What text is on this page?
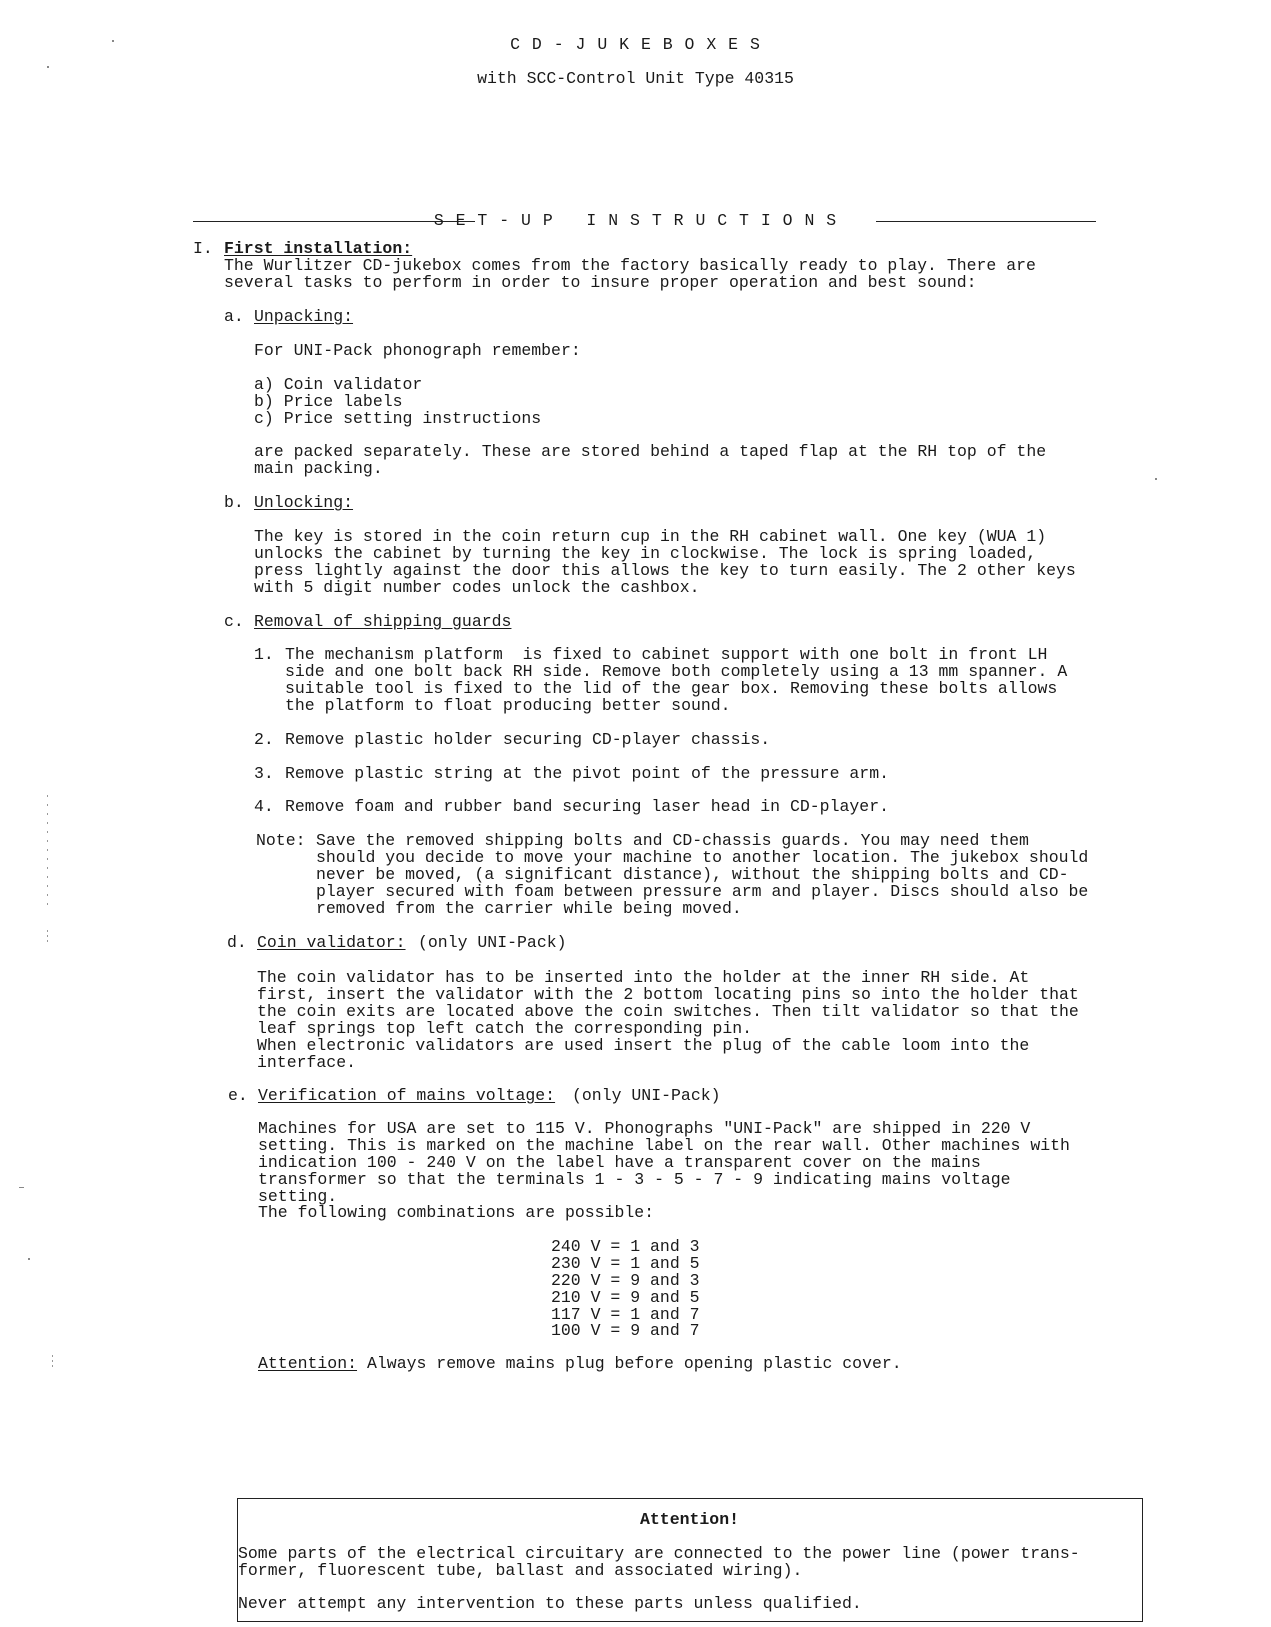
C D - J U K E B O X E S
with SCC-Control Unit Type 40315
S E T - U P   I N S T R U C T I O N S
I. First installation:
The Wurlitzer CD-jukebox comes from the factory basically ready to play. There are
several tasks to perform in order to insure proper operation and best sound:
a. Unpacking:
For UNI-Pack phonograph remember:
a) Coin validator
b) Price labels
c) Price setting instructions
are packed separately. These are stored behind a taped flap at the RH top of the
main packing.
b. Unlocking:
The key is stored in the coin return cup in the RH cabinet wall. One key (WUA 1)
unlocks the cabinet by turning the key in clockwise. The lock is spring loaded,
press lightly against the door this allows the key to turn easily. The 2 other keys
with 5 digit number codes unlock the cashbox.
c. Removal of shipping guards
1. The mechanism platform  is fixed to cabinet support with one bolt in front LH
side and one bolt back RH side. Remove both completely using a 13 mm spanner. A
suitable tool is fixed to the lid of the gear box. Removing these bolts allows
the platform to float producing better sound.
2. Remove plastic holder securing CD-player chassis.
3. Remove plastic string at the pivot point of the pressure arm.
4. Remove foam and rubber band securing laser head in CD-player.
Note: Save the removed shipping bolts and CD-chassis guards. You may need them
should you decide to move your machine to another location. The jukebox should
never be moved, (a significant distance), without the shipping bolts and CD-
player secured with foam between pressure arm and player. Discs should also be
removed from the carrier while being moved.
d. Coin validator: (only UNI-Pack)
The coin validator has to be inserted into the holder at the inner RH side. At
first, insert the validator with the 2 bottom locating pins so into the holder that
the coin exits are located above the coin switches. Then tilt validator so that the
leaf springs top left catch the corresponding pin.
When electronic validators are used insert the plug of the cable loom into the
interface.
e. Verification of mains voltage: (only UNI-Pack)
Machines for USA are set to 115 V. Phonographs "UNI-Pack" are shipped in 220 V
setting. This is marked on the machine label on the rear wall. Other machines with
indication 100 - 240 V on the label have a transparent cover on the mains
transformer so that the terminals 1 - 3 - 5 - 7 - 9 indicating mains voltage
setting.
The following combinations are possible:
240 V = 1 and 3
230 V = 1 and 5
220 V = 9 and 3
210 V = 9 and 5
117 V = 1 and 7
100 V = 9 and 7
Attention: Always remove mains plug before opening plastic cover.
Attention!
Some parts of the electrical circuitary are connected to the power line (power trans-
former, fluorescent tube, ballast and associated wiring).
Never attempt any intervention to these parts unless qualified.
